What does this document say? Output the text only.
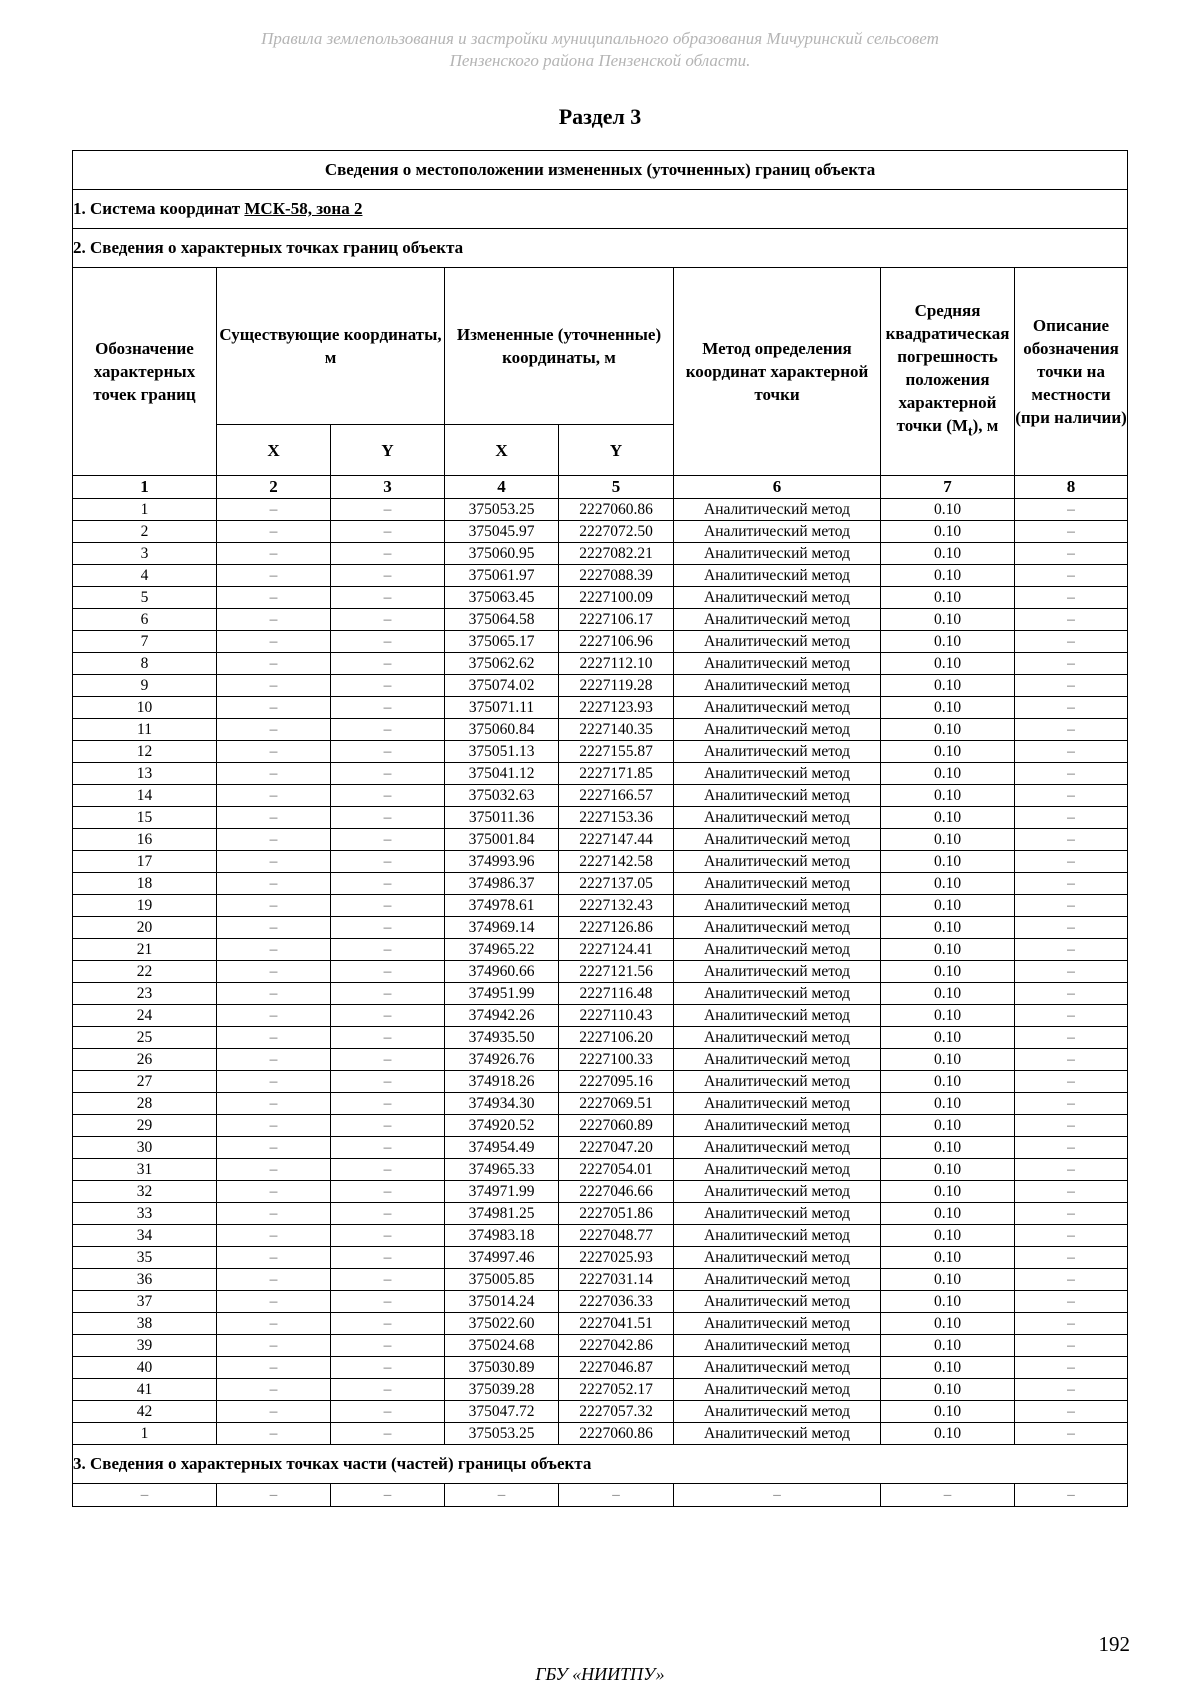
Правила землепользования и застройки муниципального образования Мичуринский сельсовет
Пензенского района Пензенской области.
Раздел 3
Сведения о местоположении измененных (уточненных) границ объекта							
1. Система координат МСК-58, зона 2							
2. Сведения о характерных точках границ объекта							
Обозначение характерных точек границ	Существующие координаты, м		Измененные (уточненные) координаты, м		Метод определения координат характерной точки	Средняя квадратическая погрешность положения характерной точки $(M_t)$, м	Описание обозначения точки на местности (при наличии)
	X	Y	X	Y			
1	2	3	4	5	6	7	8
1	–	–	375053.25	2227060.86	Аналитический метод	0.10	–
2	–	–	375045.97	2227072.50	Аналитический метод	0.10	–
3	–	–	375060.95	2227082.21	Аналитический метод	0.10	–
4	–	–	375061.97	2227088.39	Аналитический метод	0.10	–
5	–	–	375063.45	2227100.09	Аналитический метод	0.10	–
6	–	–	375064.58	2227106.17	Аналитический метод	0.10	–
7	–	–	375065.17	2227106.96	Аналитический метод	0.10	–
8	–	–	375062.62	2227112.10	Аналитический метод	0.10	–
9	–	–	375074.02	2227119.28	Аналитический метод	0.10	–
10	–	–	375071.11	2227123.93	Аналитический метод	0.10	–
11	–	–	375060.84	2227140.35	Аналитический метод	0.10	–
12	–	–	375051.13	2227155.87	Аналитический метод	0.10	–
13	–	–	375041.12	2227171.85	Аналитический метод	0.10	–
14	–	–	375032.63	2227166.57	Аналитический метод	0.10	–
15	–	–	375011.36	2227153.36	Аналитический метод	0.10	–
16	–	–	375001.84	2227147.44	Аналитический метод	0.10	–
17	–	–	374993.96	2227142.58	Аналитический метод	0.10	–
18	–	–	374986.37	2227137.05	Аналитический метод	0.10	–
19	–	–	374978.61	2227132.43	Аналитический метод	0.10	–
20	–	–	374969.14	2227126.86	Аналитический метод	0.10	–
21	–	–	374965.22	2227124.41	Аналитический метод	0.10	–
22	–	–	374960.66	2227121.56	Аналитический метод	0.10	–
23	–	–	374951.99	2227116.48	Аналитический метод	0.10	–
24	–	–	374942.26	2227110.43	Аналитический метод	0.10	–
25	–	–	374935.50	2227106.20	Аналитический метод	0.10	–
26	–	–	374926.76	2227100.33	Аналитический метод	0.10	–
27	–	–	374918.26	2227095.16	Аналитический метод	0.10	–
28	–	–	374934.30	2227069.51	Аналитический метод	0.10	–
29	–	–	374920.52	2227060.89	Аналитический метод	0.10	–
30	–	–	374954.49	2227047.20	Аналитический метод	0.10	–
31	–	–	374965.33	2227054.01	Аналитический метод	0.10	–
32	–	–	374971.99	2227046.66	Аналитический метод	0.10	–
33	–	–	374981.25	2227051.86	Аналитический метод	0.10	–
34	–	–	374983.18	2227048.77	Аналитический метод	0.10	–
35	–	–	374997.46	2227025.93	Аналитический метод	0.10	–
36	–	–	375005.85	2227031.14	Аналитический метод	0.10	–
37	–	–	375014.24	2227036.33	Аналитический метод	0.10	–
38	–	–	375022.60	2227041.51	Аналитический метод	0.10	–
39	–	–	375024.68	2227042.86	Аналитический метод	0.10	–
40	–	–	375030.89	2227046.87	Аналитический метод	0.10	–
41	–	–	375039.28	2227052.17	Аналитический метод	0.10	–
42	–	–	375047.72	2227057.32	Аналитический метод	0.10	–
1	–	–	375053.25	2227060.86	Аналитический метод	0.10	–
3. Сведения о характерных точках части (частей) границы объекта							
–	–	–	–	–	–	–	–
192
ГБУ «НИИТПУ»
